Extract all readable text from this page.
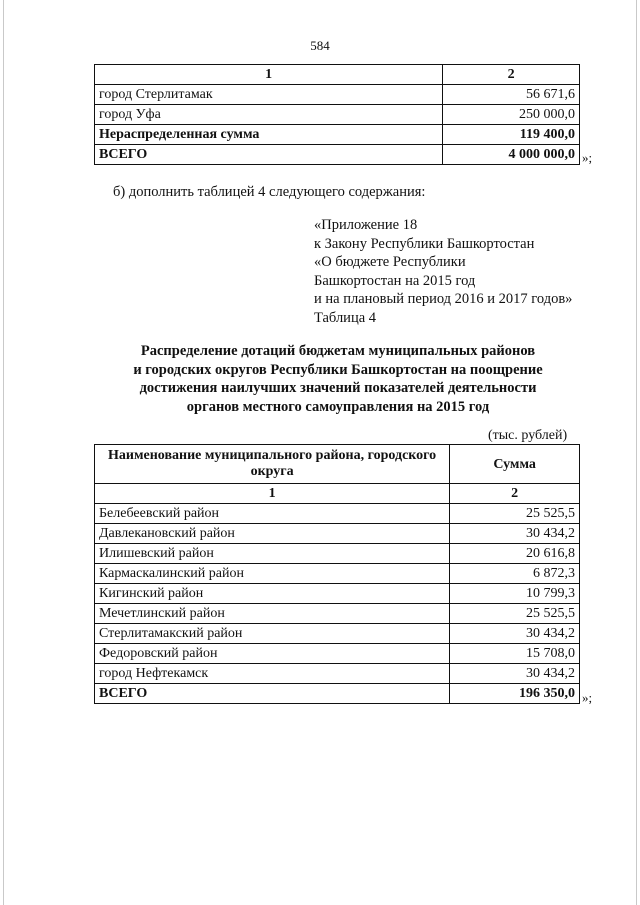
584
1	2
город Стерлитамак	56 671,6
город Уфа	250 000,0
Нераспределенная сумма	119 400,0
ВСЕГО	4 000 000,0 »;
б) дополнить таблицей 4 следующего содержания:
«Приложение 18
к Закону Республики Башкортостан
«О бюджете Республики
Башкортостан на 2015 год
и на плановый период 2016 и 2017 годов»
Таблица 4
Распределение дотаций бюджетам муниципальных районов
и городских округов Республики Башкортостан на поощрение
достижения наилучших значений показателей деятельности
органов местного самоуправления на 2015 год
(тыс. рублей)
Наименование муниципального района, городского округа	Сумма
1	2
Белебеевский район	25 525,5
Давлекановский район	30 434,2
Илишевский район	20 616,8
Кармаскалинский район	6 872,3
Кигинский район	10 799,3
Мечетлинский район	25 525,5
Стерлитамакский район	30 434,2
Федоровский район	15 708,0
город Нефтекамск	30 434,2
ВСЕГО	196 350,0 »;
